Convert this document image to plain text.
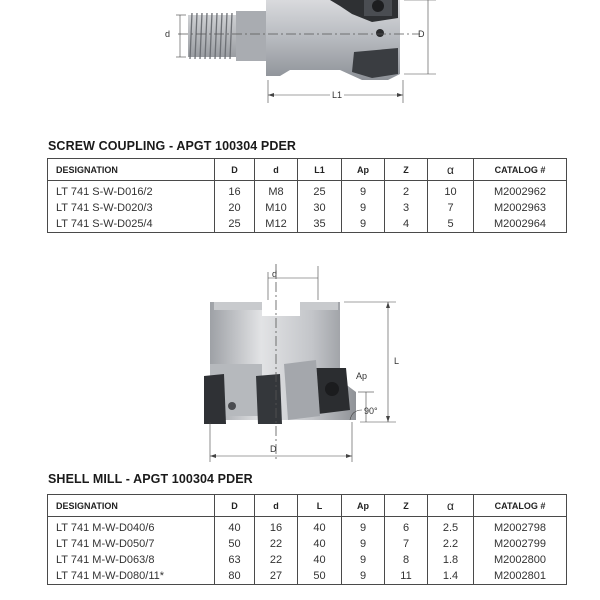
d	D
L1
SCREW COUPLING - APGT 100304 PDER
DESIGNATION	D	d	L1	Ap	Z	α	CATALOG #
LT 741 S-W-D016/2	16	M8	25	9	2	10	M2002962
LT 741 S-W-D020/3	20	M10	30	9	3	7	M2002963
LT 741 S-W-D025/4	25	M12	35	9	4	5	M2002964
d
L
Ap
90°
D
SHELL MILL - APGT 100304 PDER
DESIGNATION	D	d	L	Ap	Z	α	CATALOG #
LT 741 M-W-D040/6	40	16	40	9	6	2.5	M2002798
LT 741 M-W-D050/7	50	22	40	9	7	2.2	M2002799
LT 741 M-W-D063/8	63	22	40	9	8	1.8	M2002800
LT 741 M-W-D080/11*	80	27	50	9	11	1.4	M2002801
